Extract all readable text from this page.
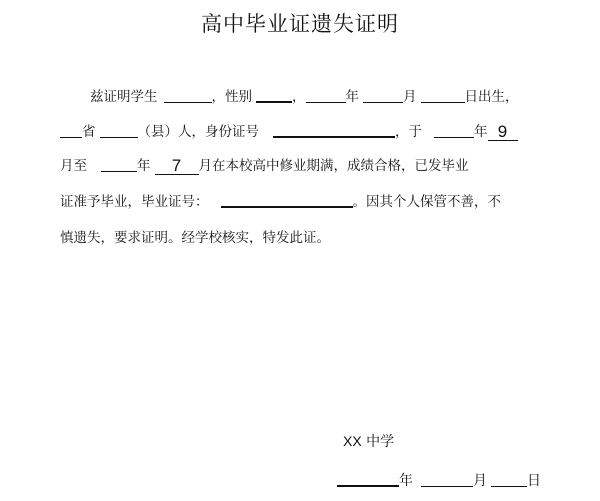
高中毕业证遗失证明
兹证明学生	，性别	，	年	月	日出生，
省	（县）人，身份证号	，于	年 9
月至	年 7 月在本校高中修业期满，成绩合格，已发毕业
证准予毕业，毕业证号：	。因其个人保管不善，不
慎遗失，要求证明。经学校核实，特发此证。
XX 中学
年	月	日
